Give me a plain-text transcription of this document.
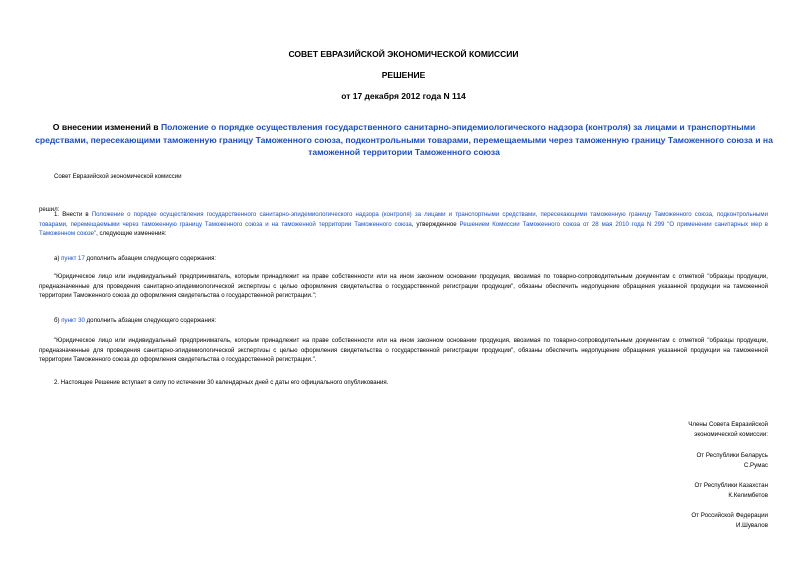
СОВЕТ ЕВРАЗИЙСКОЙ ЭКОНОМИЧЕСКОЙ КОМИССИИ
РЕШЕНИЕ
от 17 декабря 2012 года N 114
О внесении изменений в Положение о порядке осуществления государственного санитарно-эпидемиологического надзора (контроля) за лицами и транспортными средствами, пересекающими таможенную границу Таможенного союза, подконтрольными товарами, перемещаемыми через таможенную границу Таможенного союза и на таможенной территории Таможенного союза
Совет Евразийской экономической комиссии
решил:
1. Внести в Положение о порядке осуществления государственного санитарно-эпидемиологического надзора (контроля) за лицами и транспортными средствами, пересекающими таможенную границу Таможенного союза, подконтрольными товарами, перемещаемыми через таможенную границу Таможенного союза и на таможенной территории Таможенного союза, утвержденное Решением Комиссии Таможенного союза от 28 мая 2010 года N 299 "О применении санитарных мер в Таможенном союзе", следующие изменения:
а) пункт 17 дополнить абзацем следующего содержания:
"Юридическое лицо или индивидуальный предприниматель, которым принадлежит на праве собственности или на ином законном основании продукция, ввозимая по товарно-сопроводительным документам с отметкой "образцы продукции, предназначенные для проведения санитарно-эпидемиологической экспертизы с целью оформления свидетельства о государственной регистрации продукции", обязаны обеспечить недопущение обращения указанной продукции на таможенной территории Таможенного союза до оформления свидетельства о государственной регистрации.";
б) пункт 30 дополнить абзацем следующего содержания:
"Юридическое лицо или индивидуальный предприниматель, которым принадлежит на праве собственности или на ином законном основании продукция, ввозимая по товарно-сопроводительным документам с отметкой "образцы продукции, предназначенные для проведения санитарно-эпидемиологической экспертизы с целью оформления свидетельства о государственной регистрации продукции", обязаны обеспечить недопущение обращения указанной продукции на таможенной территории Таможенного союза до оформления свидетельства о государственной регистрации.".
2. Настоящее Решение вступает в силу по истечении 30 календарных дней с даты его официального опубликования.
Члены Совета Евразийской
экономической комиссии:
От Республики Беларусь
С.Румас
От Республики Казахстан
К.Келимбетов
От Российской Федерации
И.Шувалов
